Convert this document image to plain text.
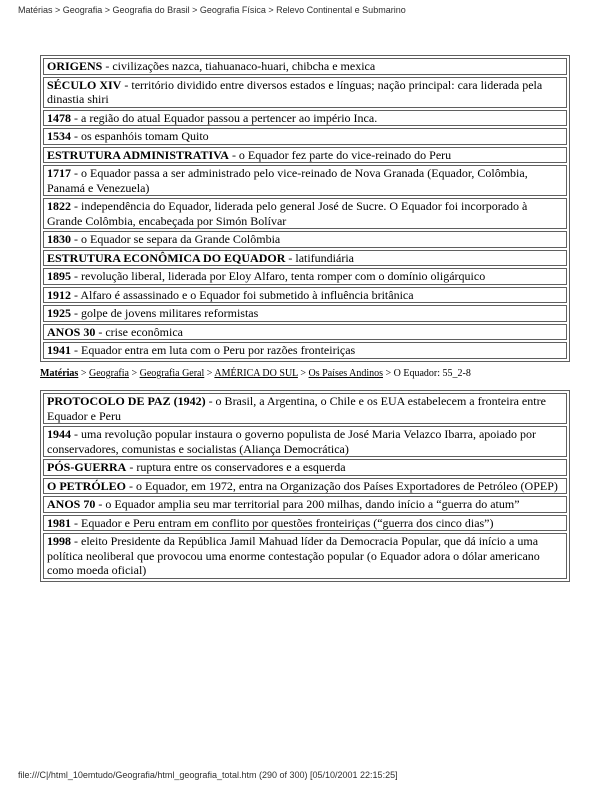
Matérias > Geografia > Geografia do Brasil > Geografia Física > Relevo Continental e Submarino
ORIGENS - civilizações nazca, tiahuanaco-huari, chibcha e mexica
SÉCULO XIV - território dividido entre diversos estados e línguas; nação principal: cara liderada pela dinastia shiri
1478 - a região do atual Equador passou a pertencer ao império Inca.
1534 - os espanhóis tomam Quito
ESTRUTURA ADMINISTRATIVA - o Equador fez parte do vice-reinado do Peru
1717 - o Equador passa a ser administrado pelo vice-reinado de Nova Granada (Equador, Colômbia, Panamá e Venezuela)
1822 - independência do Equador, liderada pelo general José de Sucre. O Equador foi incorporado à Grande Colômbia, encabeçada por Simón Bolívar
1830 - o Equador se separa da Grande Colômbia
ESTRUTURA ECONÔMICA DO EQUADOR - latifundiária
1895 - revolução liberal, liderada por Eloy Alfaro, tenta romper com o domínio oligárquico
1912 - Alfaro é assassinado e o Equador foi submetido à influência britânica
1925 - golpe de jovens militares reformistas
ANOS 30 - crise econômica
1941 - Equador entra em luta com o Peru por razões fronteiriças
Matérias > Geografia > Geografia Geral > AMÉRICA DO SUL > Os Países Andinos > O Equador: 55_2-8
PROTOCOLO DE PAZ (1942) - o Brasil, a Argentina, o Chile e os EUA estabelecem a fronteira entre Equador e Peru
1944 - uma revolução popular instaura o governo populista de José Maria Velazco Ibarra, apoiado por conservadores, comunistas e socialistas (Aliança Democrática)
PÓS-GUERRA - ruptura entre os conservadores e a esquerda
O PETRÓLEO - o Equador, em 1972, entra na Organização dos Países Exportadores de Petróleo (OPEP)
ANOS 70 - o Equador amplia seu mar territorial para 200 milhas, dando início a “guerra do atum”
1981 - Equador e Peru entram em conflito por questões fronteiriças (“guerra dos cinco dias”)
1998 - eleito Presidente da República Jamil Mahuad líder da Democracia Popular, que dá início a uma política neoliberal que provocou uma enorme contestação popular (o Equador adora o dólar americano como moeda oficial)
file:///C|/html_10emtudo/Geografia/html_geografia_total.htm (290 of 300) [05/10/2001 22:15:25]
